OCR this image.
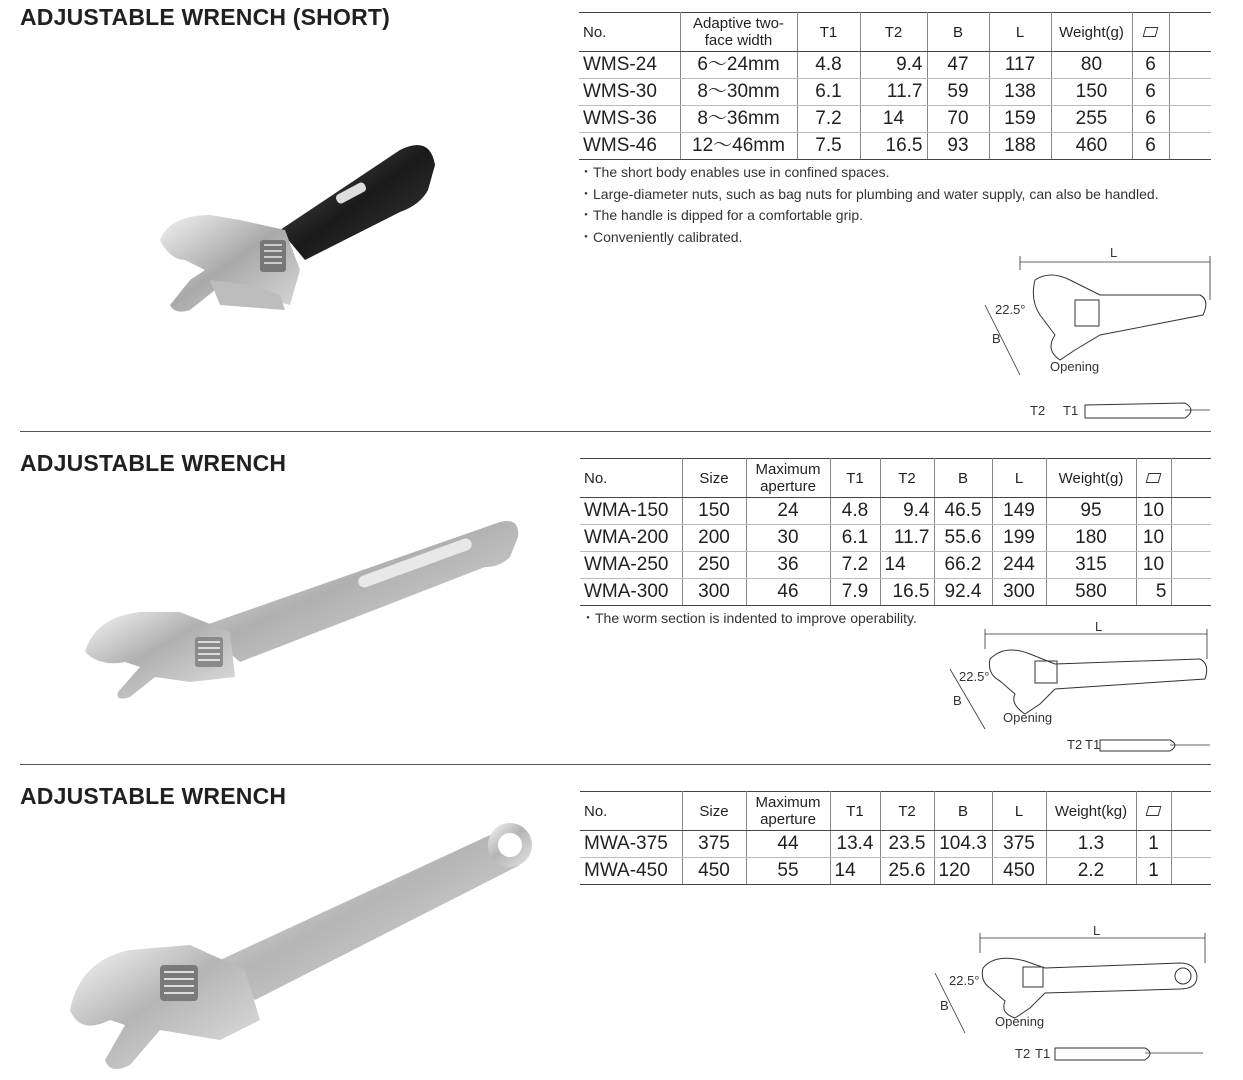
ADJUSTABLE WRENCH (SHORT)
No.	Adaptive two-face width	T1	T2	B	L	Weight(g)		
WMS-24	6～24mm	4.8	9.4	47	117	80	6	
WMS-30	8～30mm	6.1	11.7	59	138	150	6	
WMS-36	8～36mm	7.2	14	70	159	255	6	
WMS-46	12～46mm	7.5	16.5	93	188	460	6	
・The short body enables use in confined spaces.
・Large-diameter nuts, such as bag nuts for plumbing and water supply, can also be handled.
・The handle is dipped for a comfortable grip.
・Conveniently calibrated.
L
22.5°
B
Opening
T2 T1
ADJUSTABLE WRENCH
No.	Size	Maximum aperture	T1	T2	B	L	Weight(g)		
WMA-150	150	24	4.8	9.4	46.5	149	95	10	
WMA-200	200	30	6.1	11.7	55.6	199	180	10	
WMA-250	250	36	7.2	14	66.2	244	315	10	
WMA-300	300	46	7.9	16.5	92.4	300	580	5	
・The worm section is indented to improve operability.
L
22.5°
B
Opening
T2 T1
ADJUSTABLE WRENCH
No.	Size	Maximum aperture	T1	T2	B	L	Weight(kg)		
MWA-375	375	44	13.4	23.5	104.3	375	1.3	1	
MWA-450	450	55	14	25.6	120	450	2.2	1	
L
22.5°
B
Opening
T2 T1
